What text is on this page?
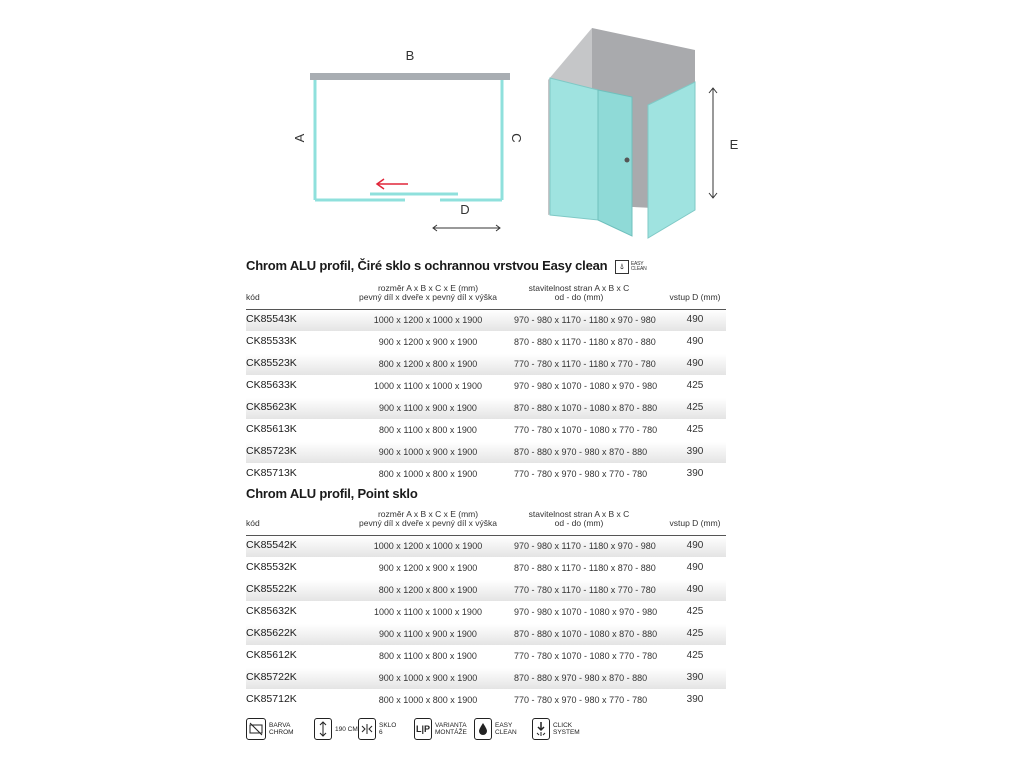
B
A	C
D
E
Chrom ALU profil, Čiré sklo s ochrannou vrstvou Easy clean	💧︎	EASY
CLEAN
kód
rozměr A x B x C x E (mm)
pevný díl x dveře x pevný díl x výška
stavitelnost stran A x B x C
od - do (mm)	vstup D (mm)
CK85543K	1000 x 1200 x 1000 x 1900	970 - 980 x 1170 - 1180 x 970 - 980	490
CK85533K	900 x 1200 x 900 x 1900	870 - 880 x 1170 - 1180 x 870 - 880	490
CK85523K	800 x 1200 x 800 x 1900	770 - 780 x 1170 - 1180 x 770 - 780	490
CK85633K	1000 x 1100 x 1000 x 1900	970 - 980 x 1070 - 1080 x 970 - 980	425
CK85623K	900 x 1100 x 900 x 1900	870 - 880 x 1070 - 1080 x 870 - 880	425
CK85613K	800 x 1100 x 800 x 1900	770 - 780 x 1070 - 1080 x 770 - 780	425
CK85723K	900 x 1000 x 900 x 1900	870 - 880 x 970 - 980 x 870 - 880	390
CK85713K	800 x 1000 x 800 x 1900	770 - 780 x 970 - 980 x 770 - 780	390
Chrom ALU profil, Point sklo
kód
rozměr A x B x C x E (mm)
pevný díl x dveře x pevný díl x výška
stavitelnost stran A x B x C
od - do (mm)	vstup D (mm)
CK85542K	1000 x 1200 x 1000 x 1900	970 - 980 x 1170 - 1180 x 970 - 980	490
CK85532K	900 x 1200 x 900 x 1900	870 - 880 x 1170 - 1180 x 870 - 880	490
CK85522K	800 x 1200 x 800 x 1900	770 - 780 x 1170 - 1180 x 770 - 780	490
CK85632K	1000 x 1100 x 1000 x 1900	970 - 980 x 1070 - 1080 x 970 - 980	425
CK85622K	900 x 1100 x 900 x 1900	870 - 880 x 1070 - 1080 x 870 - 880	425
CK85612K	800 x 1100 x 800 x 1900	770 - 780 x 1070 - 1080 x 770 - 780	425
CK85722K	900 x 1000 x 900 x 1900	870 - 880 x 970 - 980 x 870 - 880	390
CK85712K	800 x 1000 x 800 x 1900	770 - 780 x 970 - 980 x 770 - 780	390
BARVA
CHROM	190 CM	SKLO
6	L|P VARIANTA
MONTÁŽE
EASY
CLEAN
CLICK
SYSTEM
